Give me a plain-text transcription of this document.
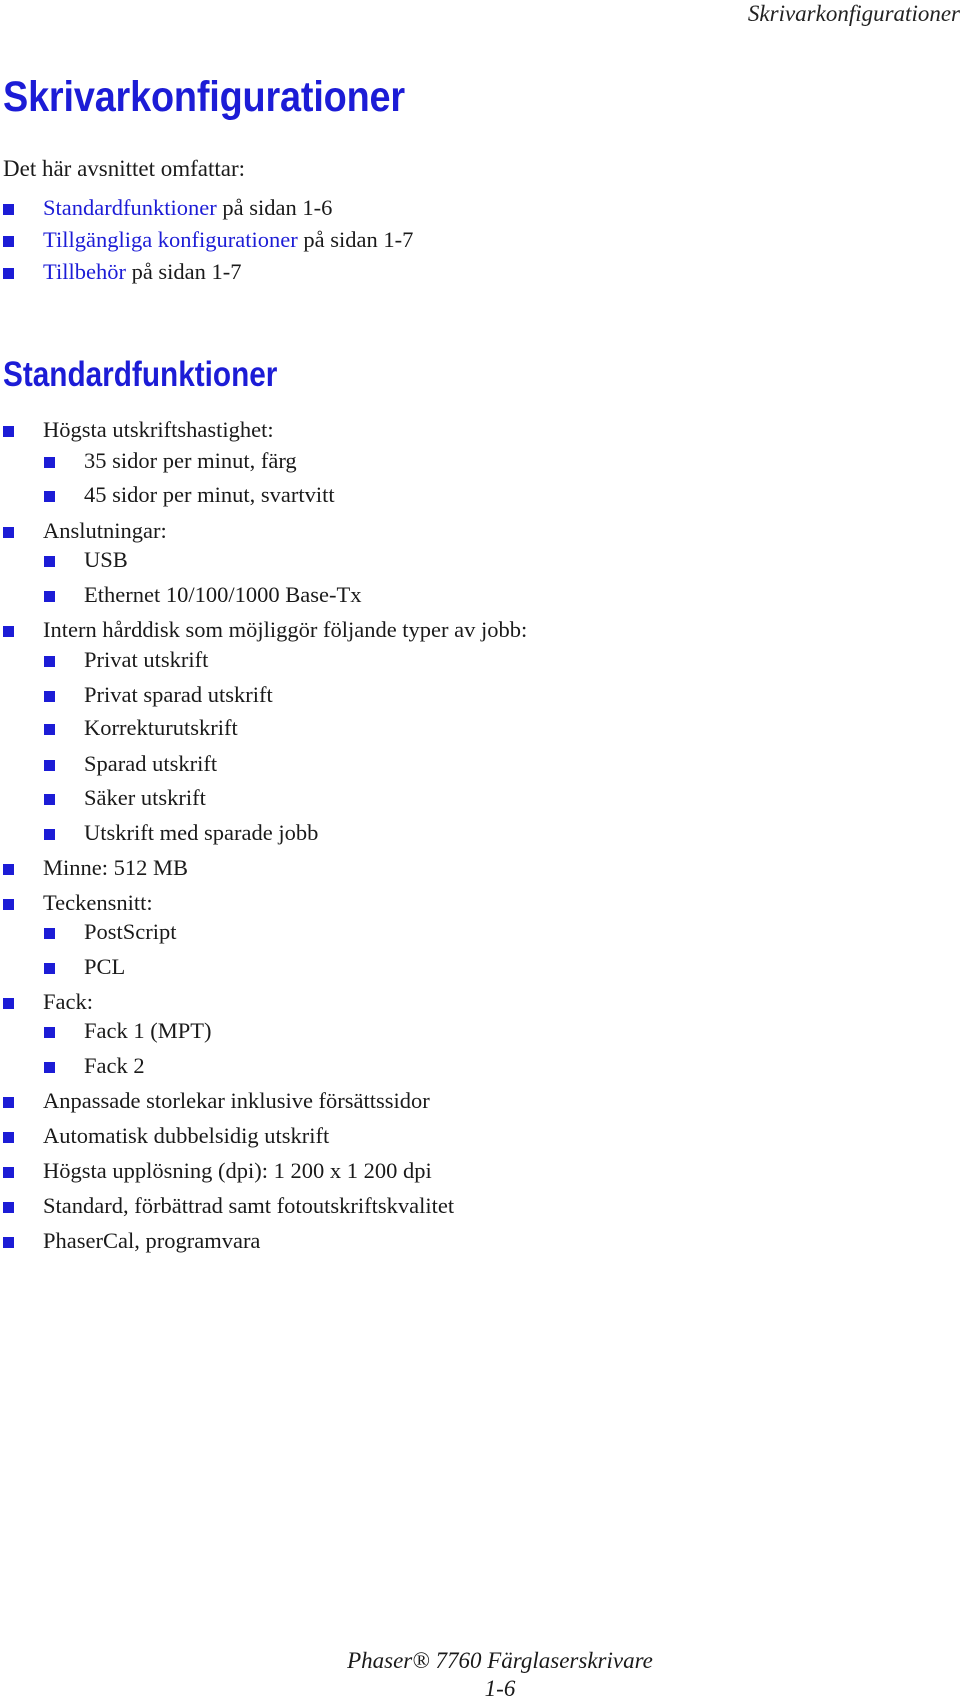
Skrivarkonfigurationer
Skrivarkonfigurationer
Det här avsnittet omfattar:
Standardfunktioner på sidan 1-6
Tillgängliga konfigurationer på sidan 1-7
Tillbehör på sidan 1-7
Standardfunktioner
Högsta utskriftshastighet:
35 sidor per minut, färg
45 sidor per minut, svartvitt
Anslutningar:
USB
Ethernet 10/100/1000 Base-Tx
Intern hårddisk som möjliggör följande typer av jobb:
Privat utskrift
Privat sparad utskrift
Korrekturutskrift
Sparad utskrift
Säker utskrift
Utskrift med sparade jobb
Minne: 512 MB
Teckensnitt:
PostScript
PCL
Fack:
Fack 1 (MPT)
Fack 2
Anpassade storlekar inklusive försättssidor
Automatisk dubbelsidig utskrift
Högsta upplösning (dpi): 1 200 x 1 200 dpi
Standard, förbättrad samt fotoutskriftskvalitet
PhaserCal, programvara
Phaser® 7760 Färglaserskrivare
1-6
